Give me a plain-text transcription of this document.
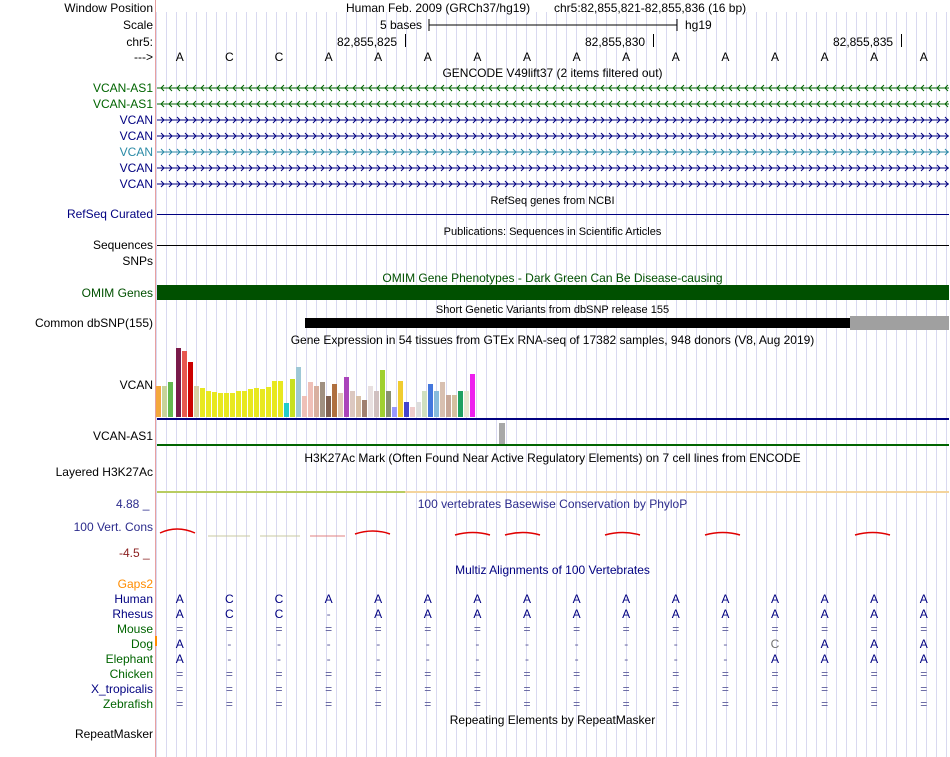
Window Position	Human Feb. 2009 (GRCh37/hg19) chr5:82,855,821-82,855,836 (16 bp)
Scale	5 bases	hg19
chr5:	82,855,825	82,855,830	82,855,835
--->	A	C	C	A	A	A	A	A	A	A	A	A	A	A	A	A
GENCODE V49lift37 (2 items filtered out)
VCAN-AS1
VCAN-AS1
VCAN
VCAN
VCAN
VCAN
VCAN
RefSeq genes from NCBI
RefSeq Curated
Publications: Sequences in Scientific Articles
Sequences
SNPs
OMIM Gene Phenotypes - Dark Green Can Be Disease-causing
OMIM Genes
Short Genetic Variants from dbSNP release 155
Common dbSNP(155)
Gene Expression in 54 tissues from GTEx RNA-seq of 17382 samples, 948 donors (V8, Aug 2019)
VCAN
VCAN-AS1
H3K27Ac Mark (Often Found Near Active Regulatory Elements) on 7 cell lines from ENCODE
Layered H3K27Ac
4.88 _	100 vertebrates Basewise Conservation by PhyloP
100 Vert. Cons
-4.5 _
Multiz Alignments of 100 Vertebrates
Gaps2
Human	A	C	C	A	A	A	A	A	A	A	A	A	A	A	A	A
Rhesus	A	C	C	-	A	A	A	A	A	A	A	A	A	A	A	A
Mouse	=	=	=	=	=	=	=	=	=	=	=	=	=	=	=	=
Dog	A	-	-	-	-	-	-	-	-	-	-	-	C	A	A	A
Elephant	A	-	-	-	-	-	-	-	-	-	-	-	A	A	A	A
Chicken	=	=	=	=	=	=	=	=	=	=	=	=	=	=	=	=
X_tropicalis	=	=	=	=	=	=	=	=	=	=	=	=	=	=	=	=
Zebrafish	=	=	=	=	=	=	=	=	=	=	=	=	=	=	=	=
Repeating Elements by RepeatMasker
RepeatMasker
